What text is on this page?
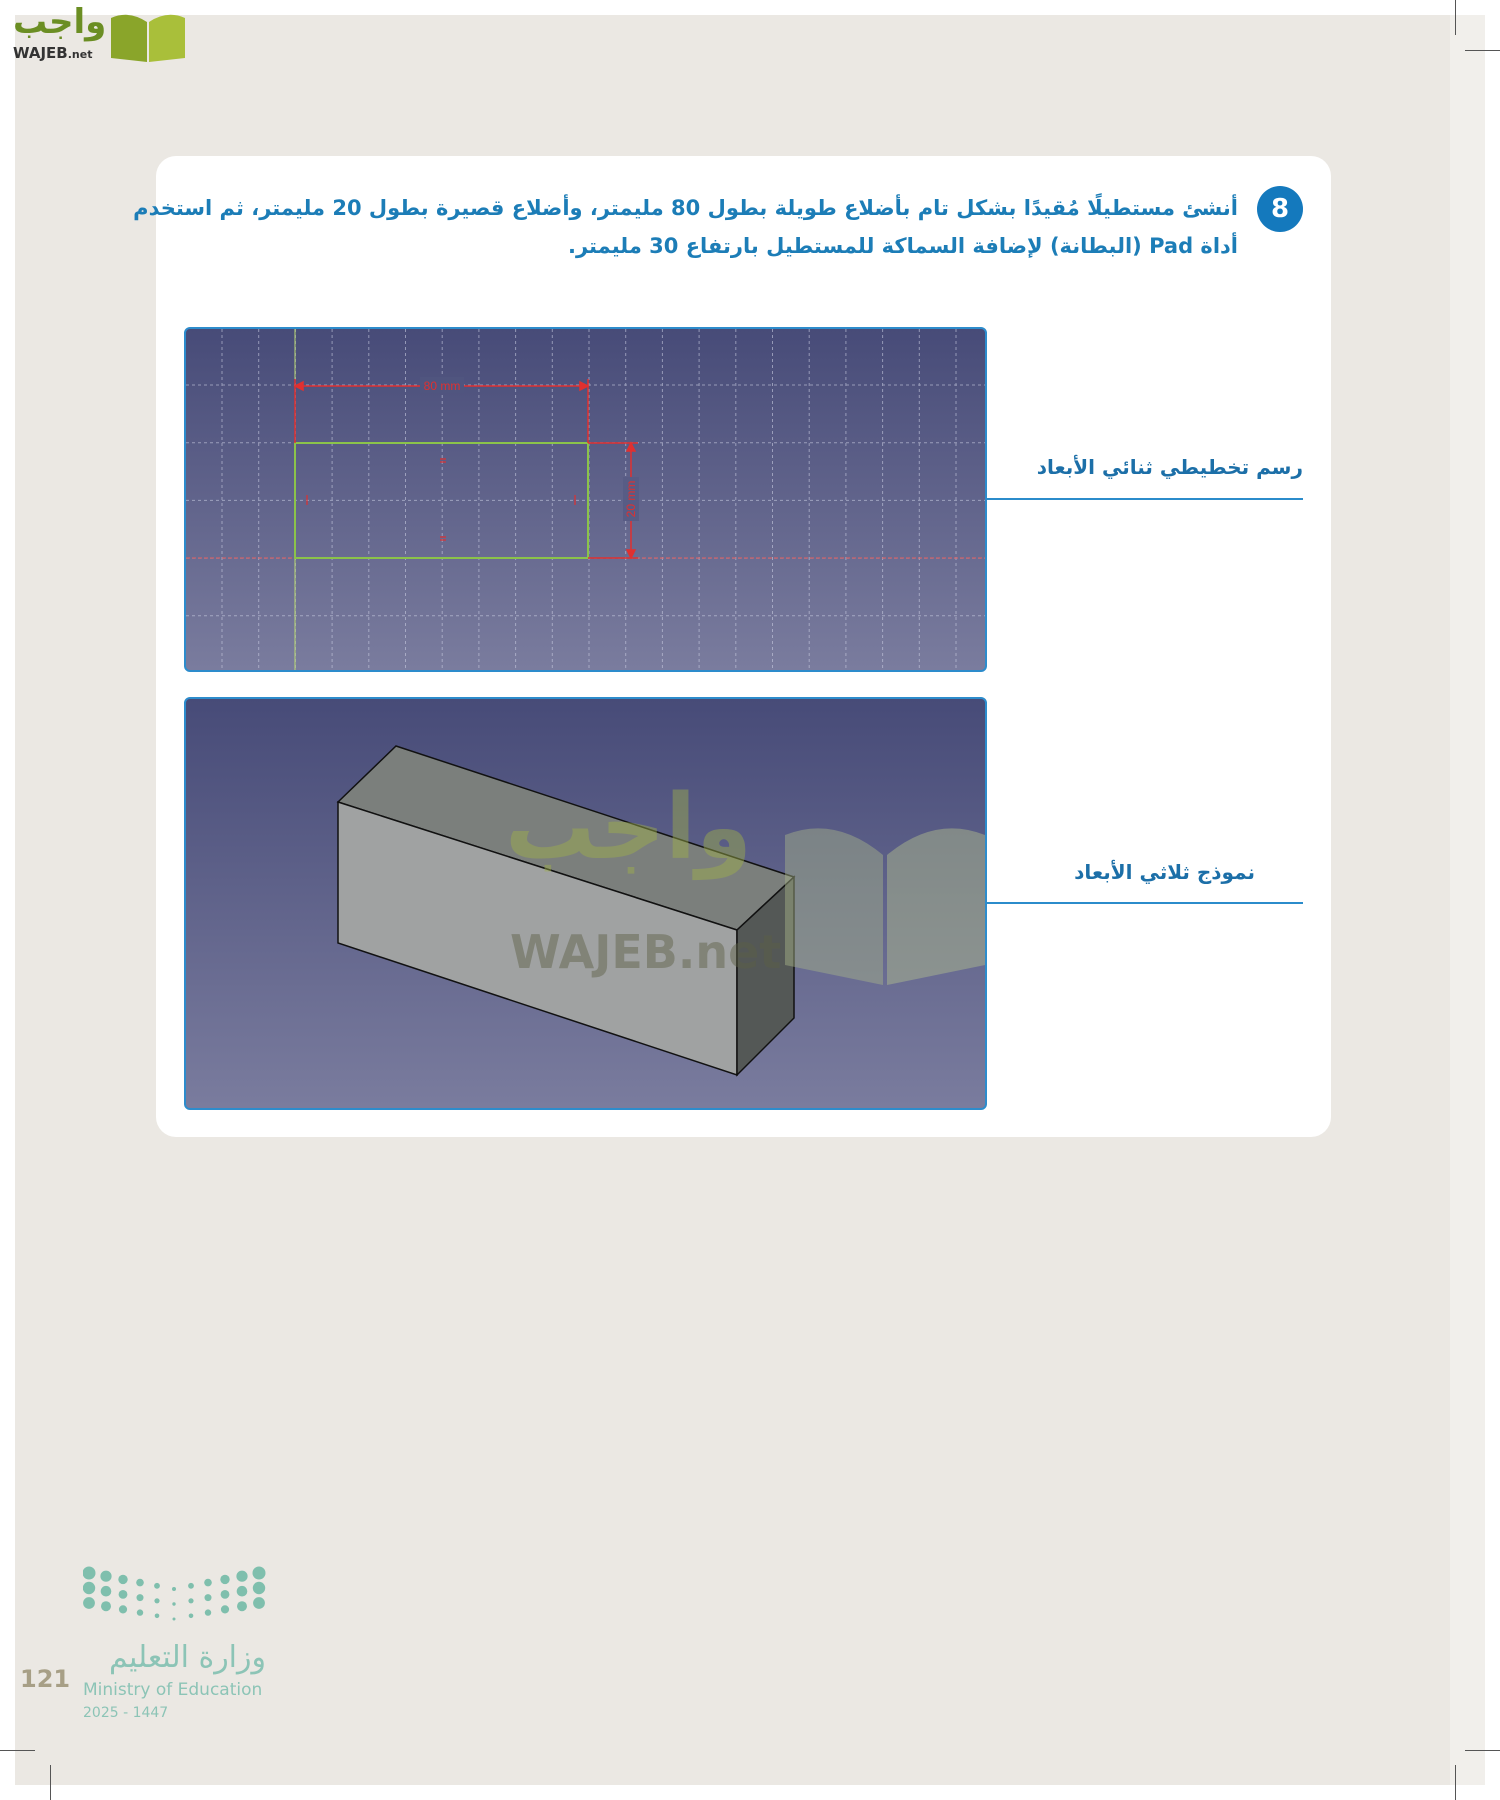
واجب
WAJEB.net
8
أنشئ مستطيلًا مُقيدًا بشكل تام بأضلاع طويلة بطول 80 مليمتر، وأضلاع قصيرة بطول 20 مليمتر، ثم استخدم
أداة Pad (البطانة) لإضافة السماكة للمستطيل بارتفاع 30 مليمتر.
80 mm
20 mm
رسم تخطيطي ثنائي الأبعاد
نموذج ثلاثي الأبعاد
واجب
WAJEB.net
وزارة التعليم
Ministry of Education
2025 - 1447
121
